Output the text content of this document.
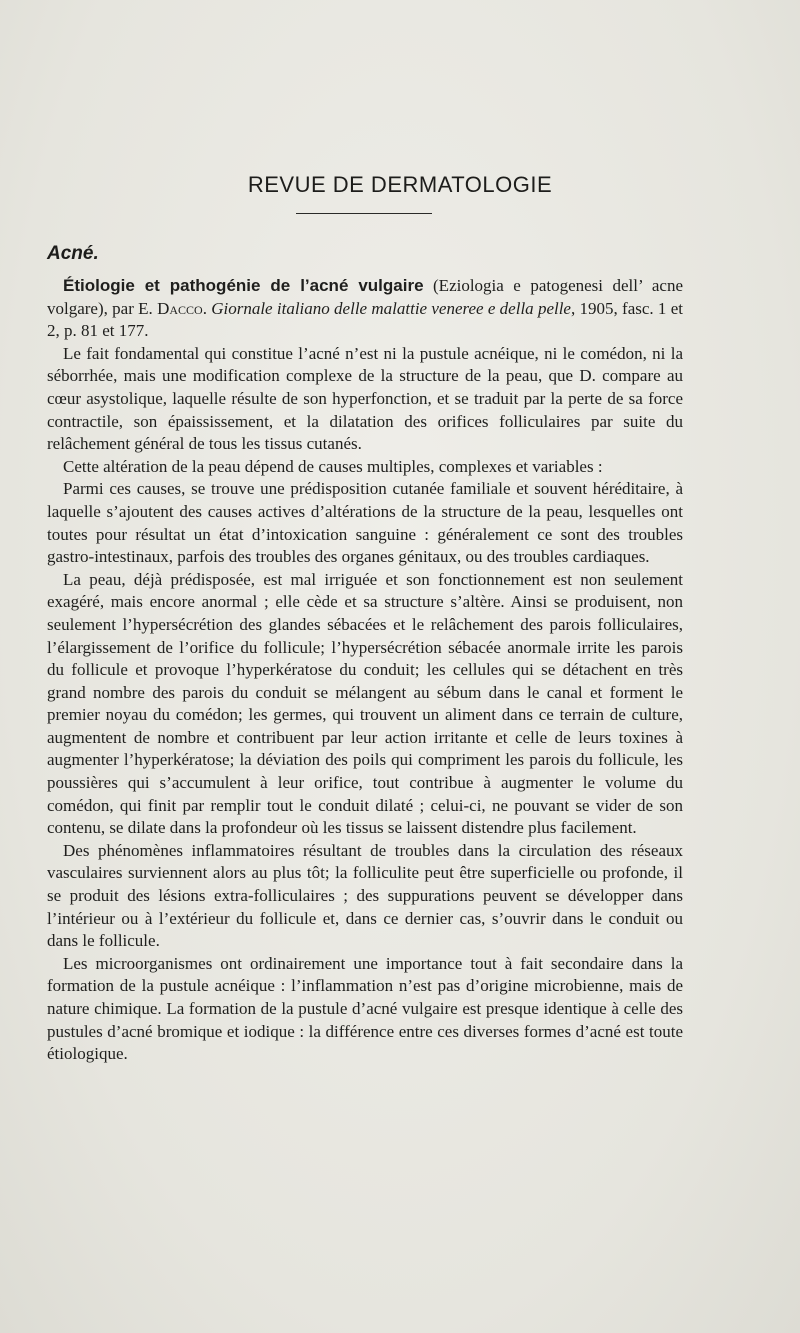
REVUE DE DERMATOLOGIE
Acné.

Étiologie et pathogénie de l’acné vulgaire (Eziologia e patogenesi dell’ acne volgare), par E. Dacco. Giornale italiano delle malattie veneree e della pelle, 1905, fasc. 1 et 2, p. 81 et 177.

Le fait fondamental qui constitue l’acné n’est ni la pustule acnéique, ni le comédon, ni la séborrhée, mais une modification complexe de la structure de la peau, que D. compare au cœur asystolique, laquelle résulte de son hyperfonction, et se traduit par la perte de sa force contractile, son épaississement, et la dilatation des orifices folliculaires par suite du relâchement général de tous les tissus cutanés.

Cette altération de la peau dépend de causes multiples, complexes et variables :

Parmi ces causes, se trouve une prédisposition cutanée familiale et souvent héréditaire, à laquelle s’ajoutent des causes actives d’altérations de la structure de la peau, lesquelles ont toutes pour résultat un état d’intoxication sanguine : généralement ce sont des troubles gastro-intestinaux, parfois des troubles des organes génitaux, ou des troubles cardiaques.

La peau, déjà prédisposée, est mal irriguée et son fonctionnement est non seulement exagéré, mais encore anormal ; elle cède et sa structure s’altère. Ainsi se produisent, non seulement l’hypersécrétion des glandes sébacées et le relâchement des parois folliculaires, l’élargissement de l’orifice du follicule; l’hypersécrétion sébacée anormale irrite les parois du follicule et provoque l’hyperkératose du conduit; les cellules qui se détachent en très grand nombre des parois du conduit se mélangent au sébum dans le canal et forment le premier noyau du comédon; les germes, qui trouvent un aliment dans ce terrain de culture, augmentent de nombre et contribuent par leur action irritante et celle de leurs toxines à augmenter l’hyperkératose; la déviation des poils qui compriment les parois du follicule, les poussières qui s’accumulent à leur orifice, tout contribue à augmenter le volume du comédon, qui finit par remplir tout le conduit dilaté ; celui-ci, ne pouvant se vider de son contenu, se dilate dans la profondeur où les tissus se laissent distendre plus facilement.

Des phénomènes inflammatoires résultant de troubles dans la circulation des réseaux vasculaires surviennent alors au plus tôt; la folliculite peut être superficielle ou profonde, il se produit des lésions extra-folliculaires ; des suppurations peuvent se développer dans l’intérieur ou à l’extérieur du follicule et, dans ce dernier cas, s’ouvrir dans le conduit ou dans le follicule.

Les microorganismes ont ordinairement une importance tout à fait secondaire dans la formation de la pustule acnéique : l’inflammation n’est pas d’origine microbienne, mais de nature chimique. La formation de la pustule d’acné vulgaire est presque identique à celle des pustules d’acné bromique et iodique : la différence entre ces diverses formes d’acné est toute étiologique.
